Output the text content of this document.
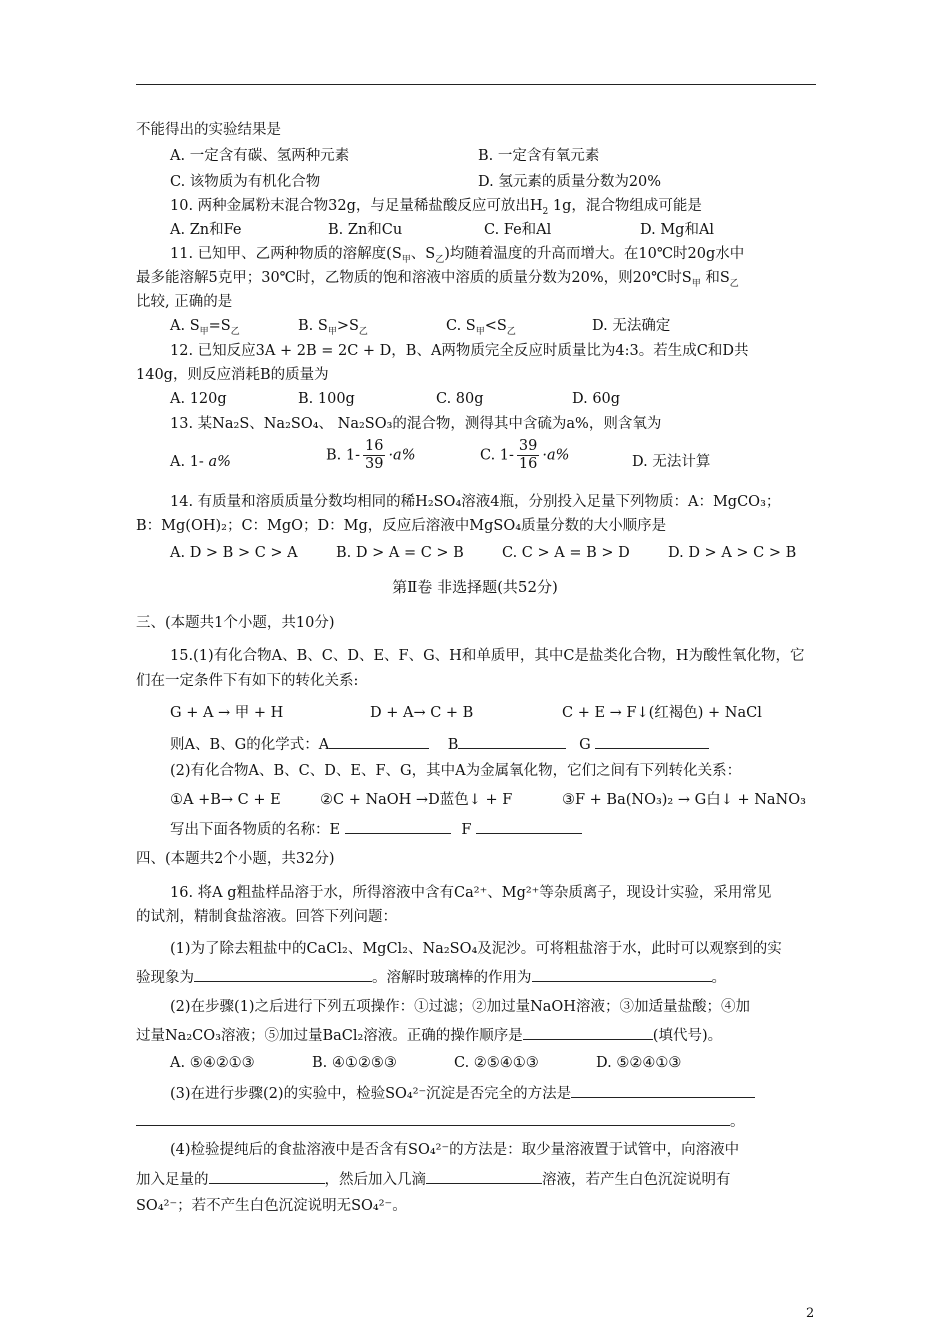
不能得出的实验结果是
A. 一定含有碳、氢两种元素	B. 一定含有氧元素
C. 该物质为有机化合物	D. 氢元素的质量分数为20%
10. 两种金属粉末混合物32g，与足量稀盐酸反应可放出$H_2$ 1g，混合物组成可能是
A. Zn和Fe	B. Zn和Cu	C. Fe和Al	D. Mg和Al
11. 已知甲、乙两种物质的溶解度($S_甲$、$S_乙$)均随着温度的升高而增大。在10℃时20g水中
最多能溶解5克甲；30℃时，乙物质的饱和溶液中溶质的质量分数为20%，则20℃时$S_甲$ 和$S_乙$
比较, 正确的是
A. $S_甲=S_乙$	B. $S_甲>S_乙$	C. $S_甲<S_乙$	D. 无法确定
12. 已知反应3A + 2B = 2C + D，B、A两物质完全反应时质量比为4:3。若生成C和D共
140g，则反应消耗B的质量为
A. 120g	B. 100g	C. 80g	D. 60g
13. 某Na₂S、Na₂SO₄、 Na₂SO₃的混合物，测得其中含硫为a%，则含氧为
A. 1- a%	B. $1- \frac{16}{39} \cdot a\%$	C. $1- \frac{39}{16} \cdot a\%$	D. 无法计算
14. 有质量和溶质质量分数均相同的稀H₂SO₄溶液4瓶，分别投入足量下列物质：A：MgCO₃；
B：Mg(OH)₂；C：MgO；D：Mg，反应后溶液中MgSO₄质量分数的大小顺序是
A. D > B > C > A	B. D > A = C > B	C. C > A = B > D	D. D > A > C > B
第Ⅱ卷 非选择题(共52分)
三、(本题共1个小题，共10分)
15.(1)有化合物A、B、C、D、E、F、G、H和单质甲，其中C是盐类化合物，H为酸性氧化物，它
们在一定条件下有如下的转化关系:
G + A → 甲 + H	D + A→ C + B	C + E → F↓(红褐色) + NaCl
则A、B、G的化学式：A	B	G
(2)有化合物A、B、C、D、E、F、G，其中A为金属氧化物，它们之间有下列转化关系：
①A +B→ C + E	②C + NaOH →D蓝色↓ + F	③F + Ba(NO₃)₂ → G白↓ + NaNO₃
写出下面各物质的名称：E	F
四、(本题共2个小题，共32分)
16. 将A g粗盐样品溶于水，所得溶液中含有Ca²⁺、Mg²⁺等杂质离子，现设计实验，采用常见
的试剂，精制食盐溶液。回答下列问题：
(1)为了除去粗盐中的CaCl₂、MgCl₂、Na₂SO₄及泥沙。可将粗盐溶于水，此时可以观察到的实
验现象为	。溶解时玻璃棒的作用为	。
(2)在步骤(1)之后进行下列五项操作：①过滤；②加过量NaOH溶液；③加适量盐酸；④加
过量Na₂CO₃溶液；⑤加过量BaCl₂溶液。正确的操作顺序是	(填代号)。
A. ⑤④②①③	B. ④①②⑤③	C. ②⑤④①③	D. ⑤②④①③
(3)在进行步骤(2)的实验中，检验SO₄²⁻沉淀是否完全的方法是
。
(4)检验提纯后的食盐溶液中是否含有SO₄²⁻的方法是：取少量溶液置于试管中，向溶液中
加入足量的	，然后加入几滴	溶液，若产生白色沉淀说明有
SO₄²⁻；若不产生白色沉淀说明无SO₄²⁻。
2
